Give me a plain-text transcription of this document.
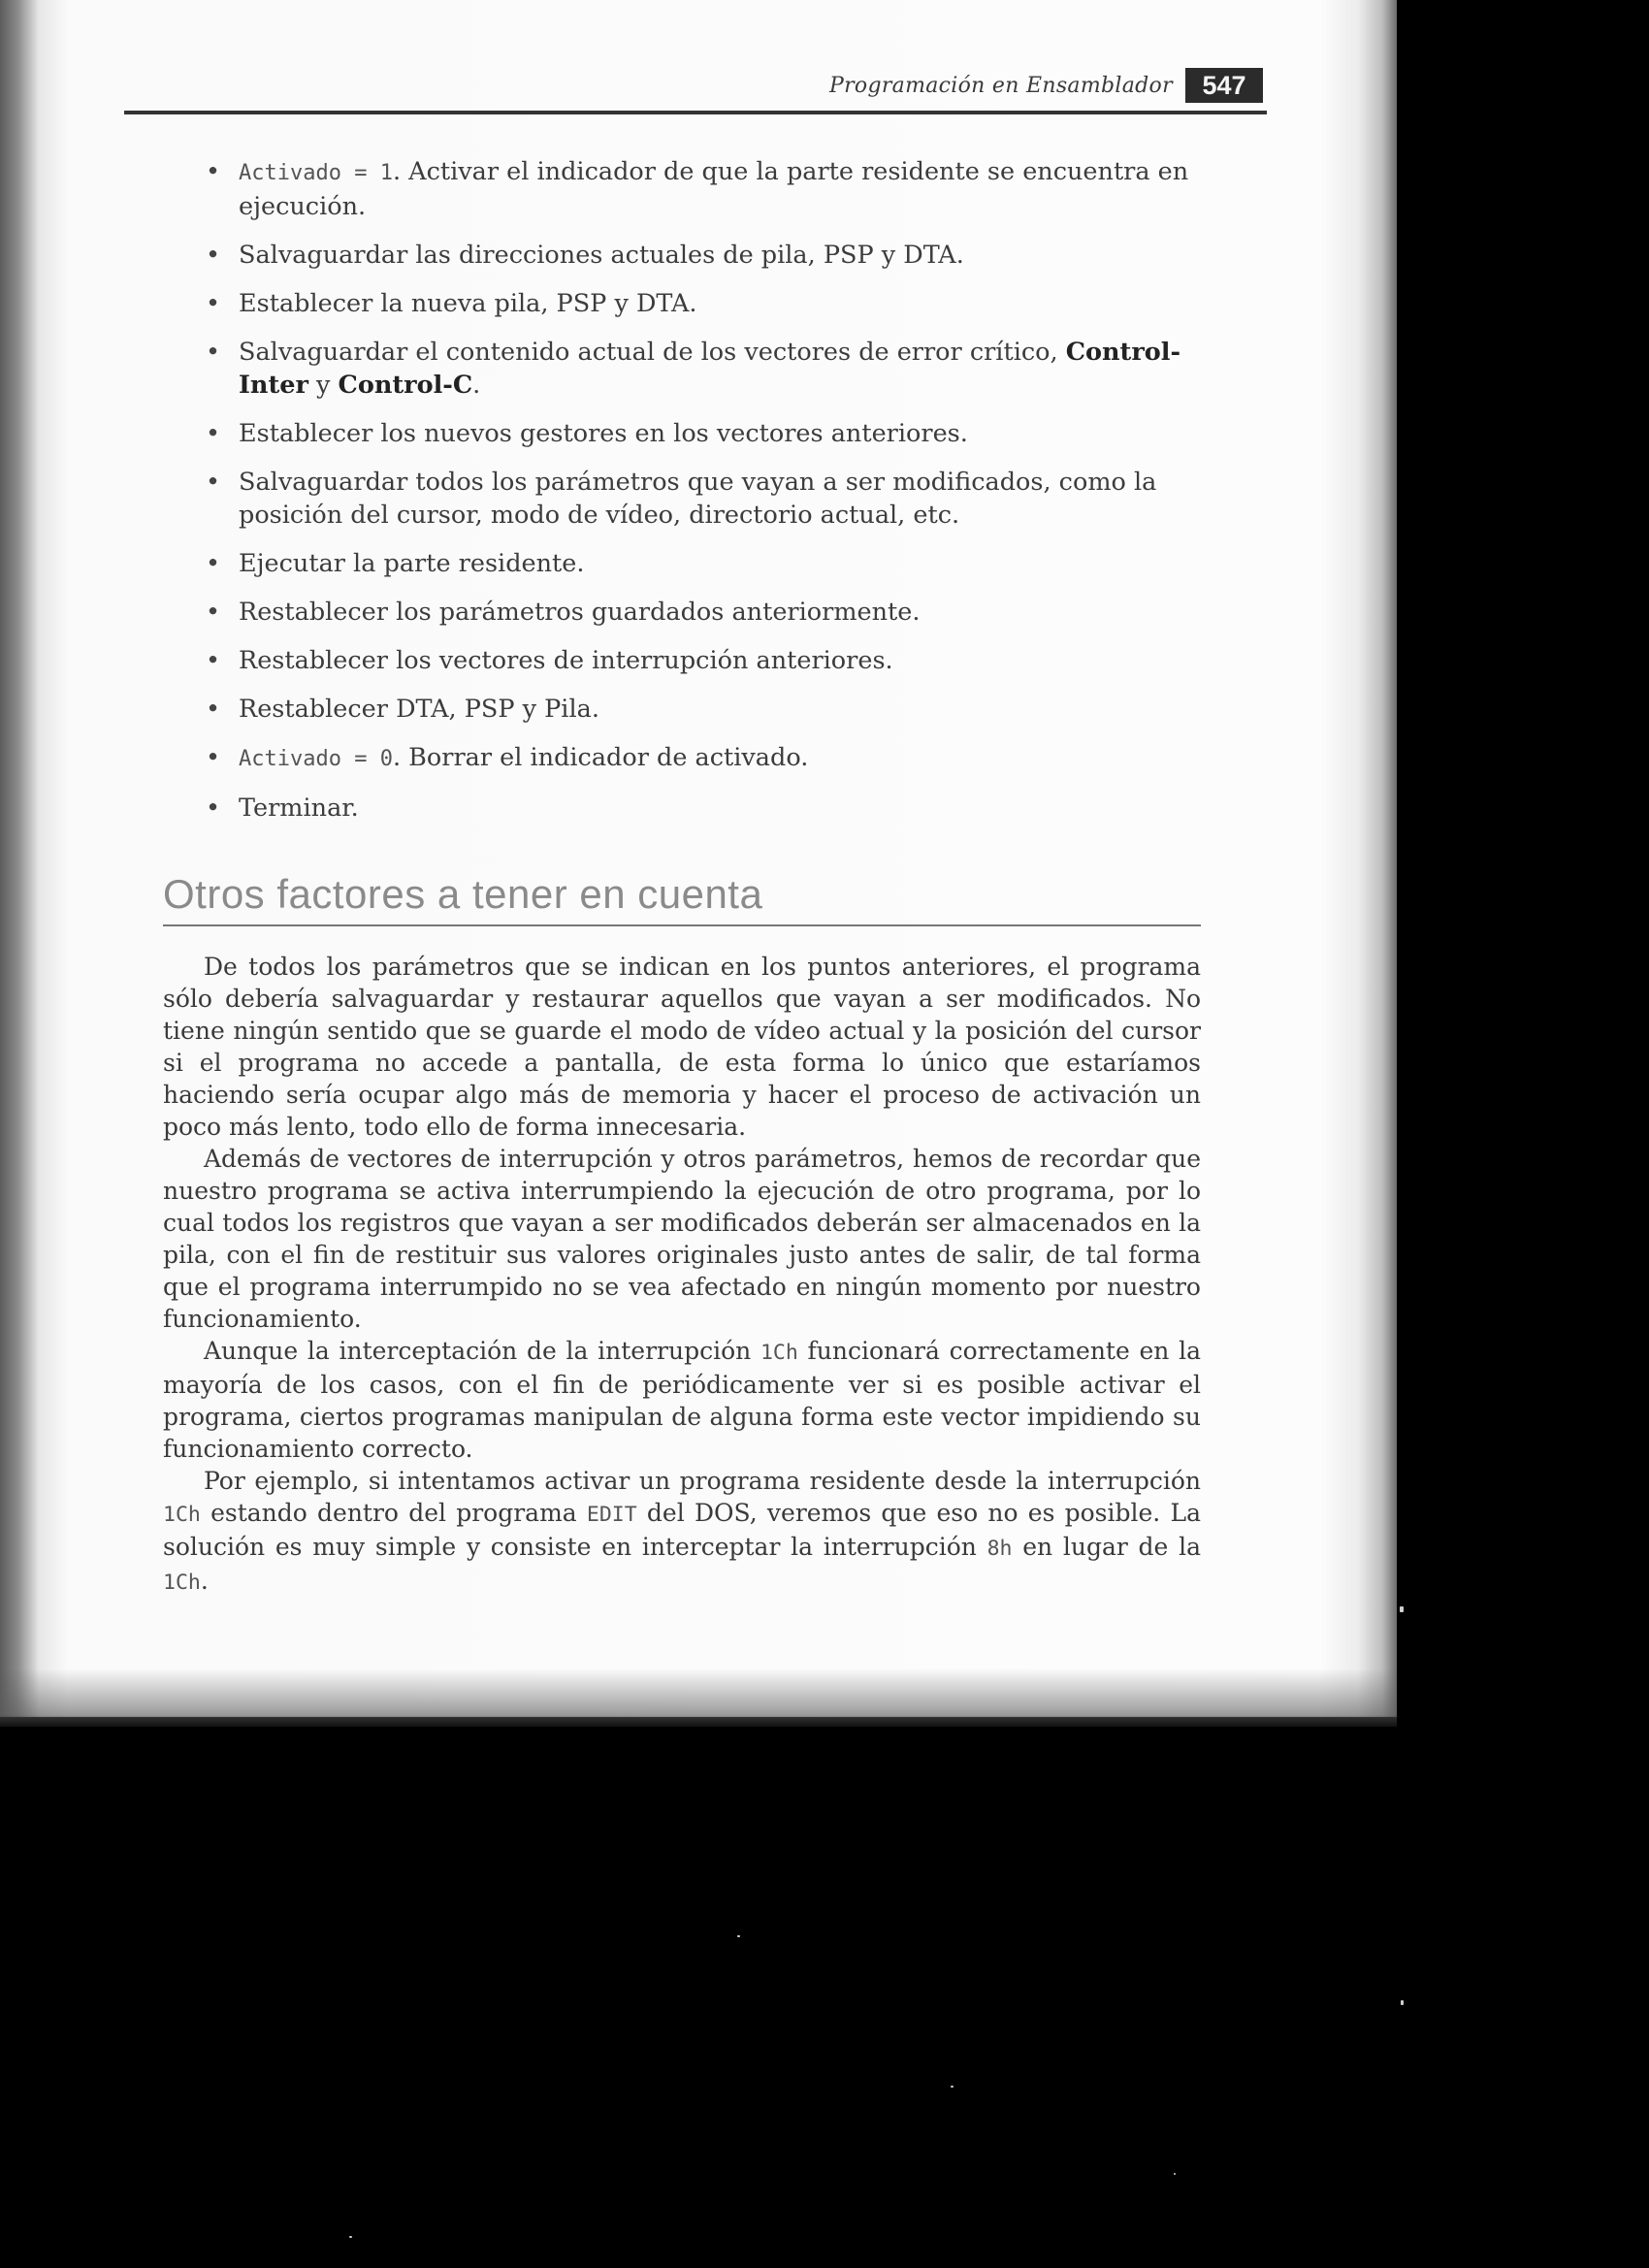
Programación en Ensamblador	547
• Activado = 1. Activar el indicador de que la parte residente se encuentra en ejecución.
• Salvaguardar las direcciones actuales de pila, PSP y DTA.
• Establecer la nueva pila, PSP y DTA.
• Salvaguardar el contenido actual de los vectores de error crítico, Control-Inter y Control-C.
• Establecer los nuevos gestores en los vectores anteriores.
• Salvaguardar todos los parámetros que vayan a ser modificados, como la posición del cursor, modo de vídeo, directorio actual, etc.
• Ejecutar la parte residente.
• Restablecer los parámetros guardados anteriormente.
• Restablecer los vectores de interrupción anteriores.
• Restablecer DTA, PSP y Pila.
• Activado = 0. Borrar el indicador de activado.
• Terminar.
Otros factores a tener en cuenta

De todos los parámetros que se indican en los puntos anteriores, el programa sólo debería salvaguardar y restaurar aquellos que vayan a ser modificados. No tiene ningún sentido que se guarde el modo de vídeo actual y la posición del cursor si el programa no accede a pantalla, de esta forma lo único que estaríamos haciendo sería ocupar algo más de memoria y hacer el proceso de activación un poco más lento, todo ello de forma innecesaria.

Además de vectores de interrupción y otros parámetros, hemos de recordar que nuestro programa se activa interrumpiendo la ejecución de otro programa, por lo cual todos los registros que vayan a ser modificados deberán ser almacenados en la pila, con el fin de restituir sus valores originales justo antes de salir, de tal forma que el programa interrumpido no se vea afectado en ningún momento por nuestro funcionamiento.

Aunque la interceptación de la interrupción 1Ch funcionará correctamente en la mayoría de los casos, con el fin de periódicamente ver si es posible activar el programa, ciertos programas manipulan de alguna forma este vector impidiendo su funcionamiento correcto.

Por ejemplo, si intentamos activar un programa residente desde la interrupción 1Ch estando dentro del programa EDIT del DOS, veremos que eso no es posible. La solución es muy simple y consiste en interceptar la interrupción 8h en lugar de la 1Ch.
